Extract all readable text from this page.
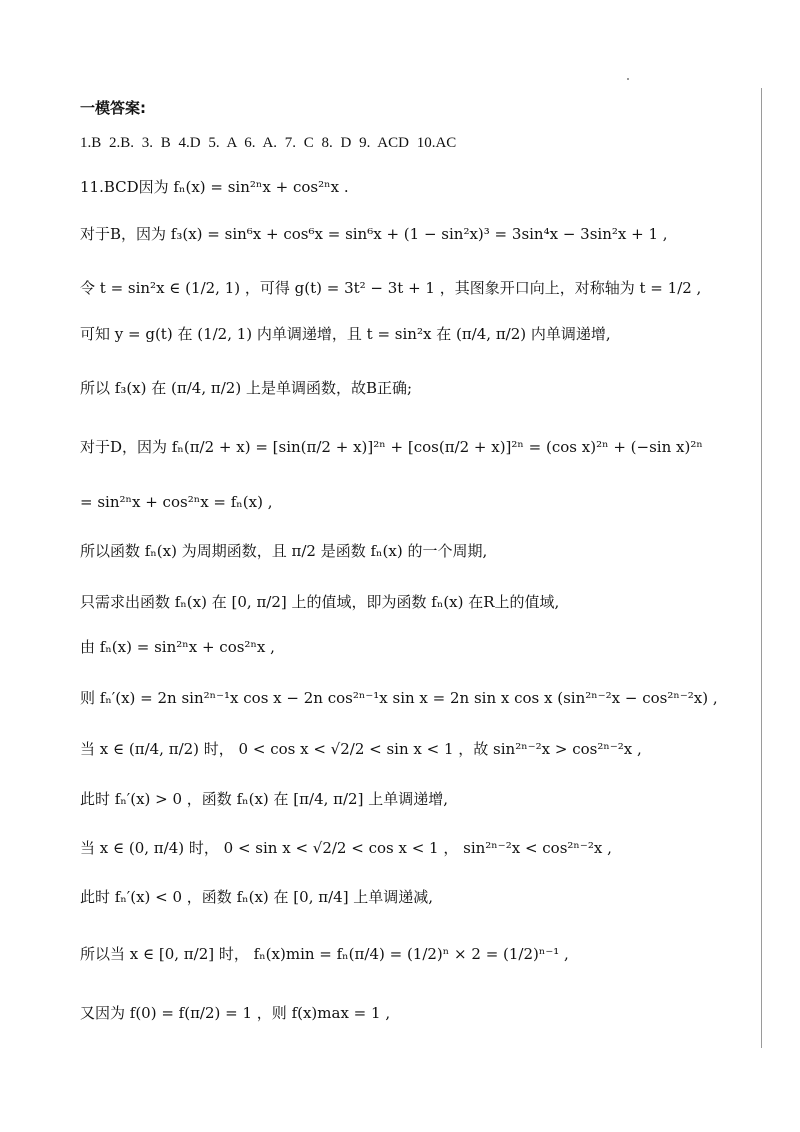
一模答案:
1.B 2.B. 3. B 4.D 5. A 6. A. 7. C 8. D 9. ACD 10.AC
11.BCD因为 fₙ(x) = sin²ⁿx + cos²ⁿx .
对于B，因为 f₃(x) = sin⁶x + cos⁶x = sin⁶x + (1 − sin²x)³ = 3sin⁴x − 3sin²x + 1 ,
令 t = sin²x ∈ (1/2, 1) ，可得 g(t) = 3t² − 3t + 1 ，其图象开口向上，对称轴为 t = 1/2 ,
可知 y = g(t) 在 (1/2, 1) 内单调递增，且 t = sin²x 在 (π/4, π/2) 内单调递增,
所以 f₃(x) 在 (π/4, π/2) 上是单调函数，故B正确;
对于D，因为 fₙ(π/2 + x) = [sin(π/2 + x)]²ⁿ + [cos(π/2 + x)]²ⁿ = (cos x)²ⁿ + (−sin x)²ⁿ
= sin²ⁿx + cos²ⁿx = fₙ(x) ,
所以函数 fₙ(x) 为周期函数，且 π/2 是函数 fₙ(x) 的一个周期,
只需求出函数 fₙ(x) 在 [0, π/2] 上的值域，即为函数 fₙ(x) 在R上的值域,
由 fₙ(x) = sin²ⁿx + cos²ⁿx ,
则 fₙ′(x) = 2n sin²ⁿ⁻¹x cos x − 2n cos²ⁿ⁻¹x sin x = 2n sin x cos x (sin²ⁿ⁻²x − cos²ⁿ⁻²x) ,
当 x ∈ (π/4, π/2) 时， 0 < cos x < √2/2 < sin x < 1 ，故 sin²ⁿ⁻²x > cos²ⁿ⁻²x ,
此时 fₙ′(x) > 0 ，函数 fₙ(x) 在 [π/4, π/2] 上单调递增,
当 x ∈ (0, π/4) 时， 0 < sin x < √2/2 < cos x < 1 ， sin²ⁿ⁻²x < cos²ⁿ⁻²x ,
此时 fₙ′(x) < 0 ，函数 fₙ(x) 在 [0, π/4] 上单调递减,
所以当 x ∈ [0, π/2] 时， fₙ(x)min = fₙ(π/4) = (1/2)ⁿ × 2 = (1/2)ⁿ⁻¹ ,
又因为 f(0) = f(π/2) = 1 ，则 f(x)max = 1 ,
